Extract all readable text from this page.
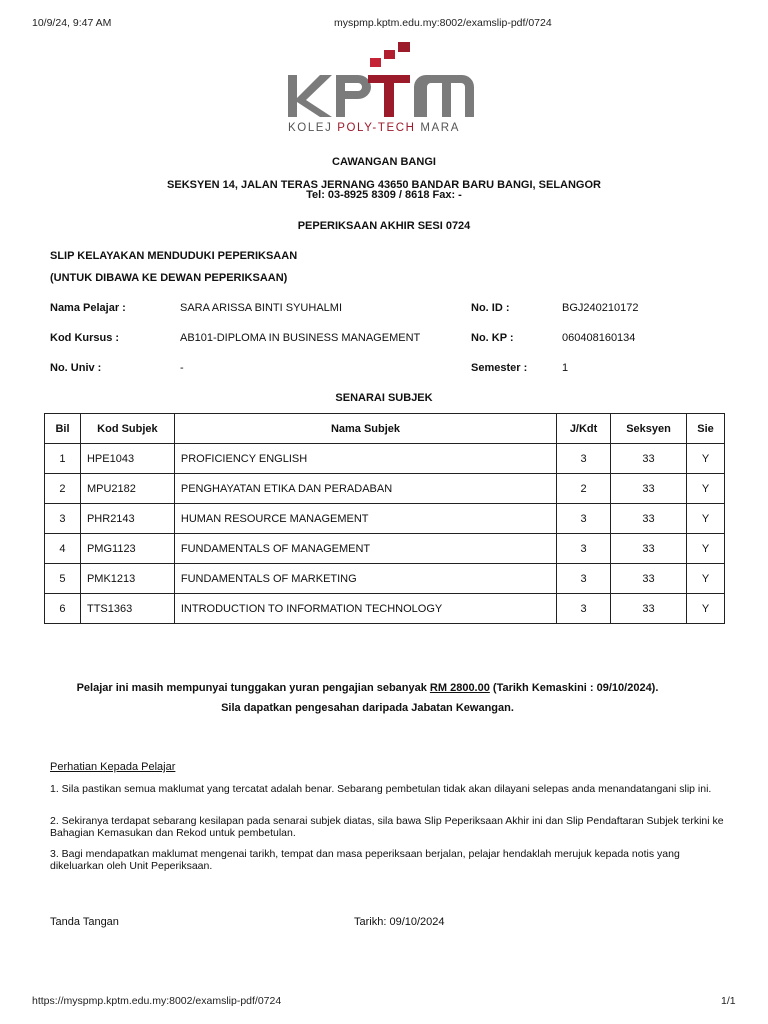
10/9/24, 9:47 AM	myspmp.kptm.edu.my:8002/examslip-pdf/0724
KOLEJ POLY-TECH MARA
CAWANGAN BANGI
SEKSYEN 14, JALAN TERAS JERNANG 43650 BANDAR BARU BANGI, SELANGOR
Tel: 03-8925 8309 / 8618 Fax: -
PEPERIKSAAN AKHIR SESI 0724
SLIP KELAYAKAN MENDUDUKI PEPERIKSAAN
(UNTUK DIBAWA KE DEWAN PEPERIKSAAN)
Nama Pelajar :	SARA ARISSA BINTI SYUHALMI	No. ID :	BGJ240210172
Kod Kursus :	AB101-DIPLOMA IN BUSINESS MANAGEMENT	No. KP :	060408160134
No. Univ :	-	Semester :	1
SENARAI SUBJEK
Bil	Kod Subjek	Nama Subjek	J/Kdt	Seksyen	Sie
1	HPE1043	PROFICIENCY ENGLISH	3	33	Y
2	MPU2182	PENGHAYATAN ETIKA DAN PERADABAN	2	33	Y
3	PHR2143	HUMAN RESOURCE MANAGEMENT	3	33	Y
4	PMG1123	FUNDAMENTALS OF MANAGEMENT	3	33	Y
5	PMK1213	FUNDAMENTALS OF MARKETING	3	33	Y
6	TTS1363	INTRODUCTION TO INFORMATION TECHNOLOGY	3	33	Y
Pelajar ini masih mempunyai tunggakan yuran pengajian sebanyak RM 2800.00 (Tarikh Kemaskini : 09/10/2024).
Sila dapatkan pengesahan daripada Jabatan Kewangan.
Perhatian Kepada Pelajar
1. Sila pastikan semua maklumat yang tercatat adalah benar. Sebarang pembetulan tidak akan dilayani selepas anda menandatangani slip ini.
2. Sekiranya terdapat sebarang kesilapan pada senarai subjek diatas, sila bawa Slip Peperiksaan Akhir ini dan Slip Pendaftaran Subjek terkini ke Bahagian Kemasukan dan Rekod untuk pembetulan.
3. Bagi mendapatkan maklumat mengenai tarikh, tempat dan masa peperiksaan berjalan, pelajar hendaklah merujuk kepada notis yang dikeluarkan oleh Unit Peperiksaan.
Tanda Tangan	Tarikh: 09/10/2024
https://myspmp.kptm.edu.my:8002/examslip-pdf/0724	1/1
